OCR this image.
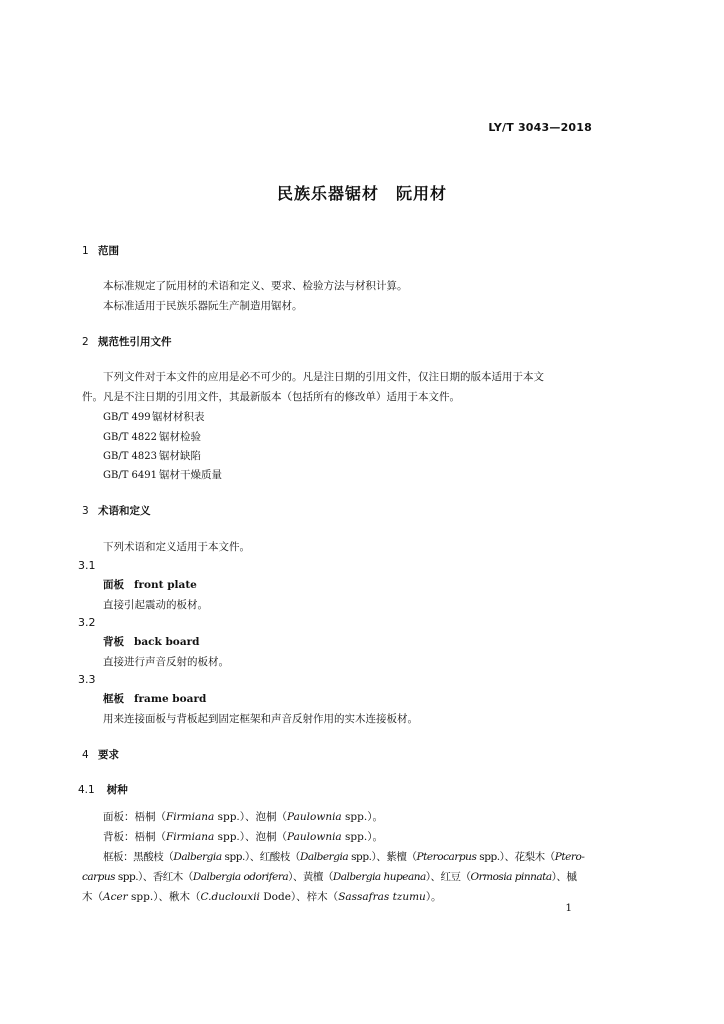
LY/T 3043—2018
民族乐器锯材　阮用材
1 范围
本标准规定了阮用材的术语和定义、要求、检验方法与材积计算。
本标准适用于民族乐器阮生产制造用锯材。
2 规范性引用文件
下列文件对于本文件的应用是必不可少的。凡是注日期的引用文件，仅注日期的版本适用于本文
件。凡是不注日期的引用文件，其最新版本（包括所有的修改单）适用于本文件。
GB/T 499锯材材积表
GB/T 4822 锯材检验
GB/T 4823 锯材缺陷
GB/T 6491 锯材干燥质量
3 术语和定义
下列术语和定义适用于本文件。
3.1
面板 front plate
直接引起震动的板材。
3.2
背板 back board
直接进行声音反射的板材。
3.3
框板 frame board
用来连接面板与背板起到固定框架和声音反射作用的实木连接板材。
4 要求
4.1 树种
面板：梧桐（Firmiana spp.）、泡桐（Paulownia spp.）。
背板：梧桐（Firmiana spp.）、泡桐（Paulownia spp.）。
框板：黑酸枝（Dalbergia spp.）、红酸枝（Dalbergia spp.）、紫檀（Pterocarpus spp.）、花梨木（Ptero-
carpus spp.）、香红木（Dalbergia odorifera）、黄檀（Dalbergia hupeana）、红豆（Ormosia pinnata）、槭
木（Acer spp.）、楸木（C.duclouxii Dode）、梓木（Sassafras tzumu）。
1
